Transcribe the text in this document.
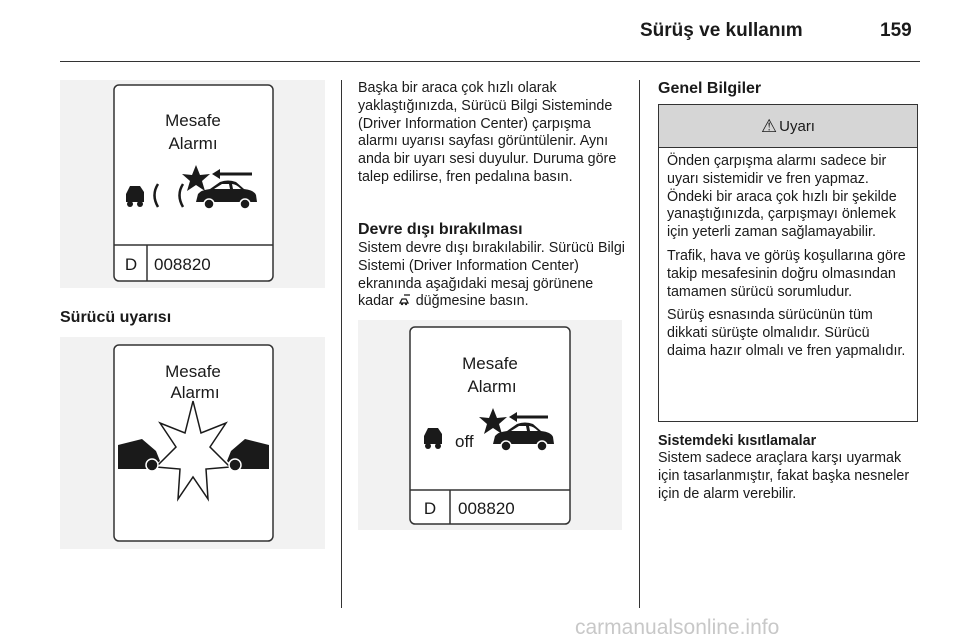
Sürüş ve kullanım	159
Mesafe
Alarmı
D 008820
Sürücü uyarısı
Mesafe
Alarmı

Başka bir araca çok hızlı olarak yaklaştığınızda, Sürücü Bilgi Sisteminde (Driver Information Center) çarpışma alarmı uyarısı sayfası görüntülenir. Aynı anda bir uyarı sesi duyulur. Duruma göre talep edilirse, fren pedalına basın.

Devre dışı bırakılması

Sistem devre dışı bırakılabilir. Sürücü Bilgi Sistemi (Driver Information Center) ekranında aşağıdaki mesaj görünene kadar  düğmesine basın.

Mesafe
Alarmı
off
D 008820
Genel Bilgiler
⚠ Uyarı

Önden çarpışma alarmı sadece bir uyarı sistemidir ve fren yapmaz. Öndeki bir araca çok hızlı bir şekilde yanaştığınızda, çarpışmayı önlemek için yeterli zaman sağlamayabilir.

Trafik, hava ve görüş koşullarına göre takip mesafesinin doğru olmasından tamamen sürücü sorumludur.

Sürüş esnasında sürücünün tüm dikkati sürüşte olmalıdır. Sürücü daima hazır olmalı ve fren yapmalıdır.

Sistemdeki kısıtlamalar

Sistem sadece araçlara karşı uyarmak için tasarlanmıştır, fakat başka nesneler için de alarm verebilir.

carmanualsonline.info
